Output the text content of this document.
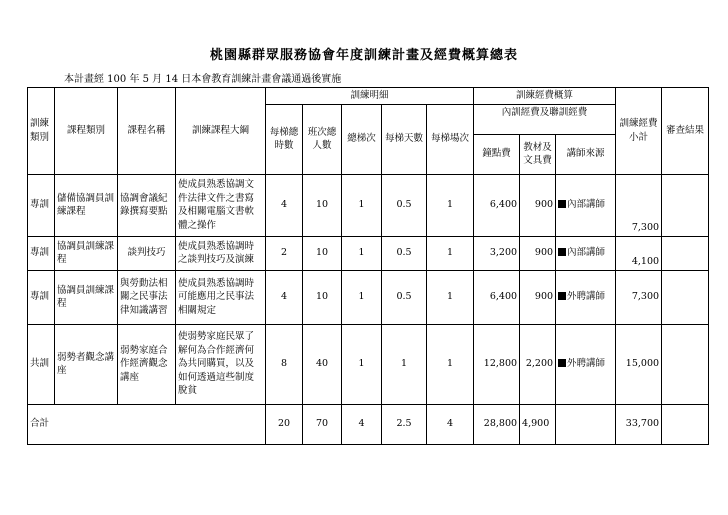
桃園縣群眾服務協會年度訓練計畫及經費概算總表
本計畫經 100 年 5 月 14 日本會教育訓練計畫會議通過後實施
訓練類別	課程類別	課程名稱	訓練課程大綱	訓練明細					訓練經費概算			訓練經費小計	審查結果
				每梯總時數	班次總人數	總梯次	每梯天數	每梯場次	內訓經費及聯訓經費				
									鐘點費	教材及文具費	講師來源		
專訓	儲備協調員訓練課程	協調會議紀錄撰寫要點	使成員熟悉協調文件法律文件之書寫及相關電腦文書軟體之操作	4	10	1	0.5	1	6,400	900	內部講師	7,300	
專訓	協調員訓練課程	談判技巧	使成員熟悉協調時之談判技巧及演練	2	10	1	0.5	1	3,200	900	內部講師	4,100	
專訓	協調員訓練課程	與勞動法相關之民事法律知識講習	使成員熟悉協調時可能應用之民事法相關規定	4	10	1	0.5	1	6,400	900	外聘講師	7,300	
共訓	弱勢者觀念講座	弱勢家庭合作經濟觀念講座	使弱勢家庭民眾了解何為合作經濟何為共同購買，以及如何透過這些制度脫貧	8	40	1	1	1	12,800	2,200	外聘講師	15,000	
合計				20	70	4	2.5	4	28,800	4,900		33,700	
